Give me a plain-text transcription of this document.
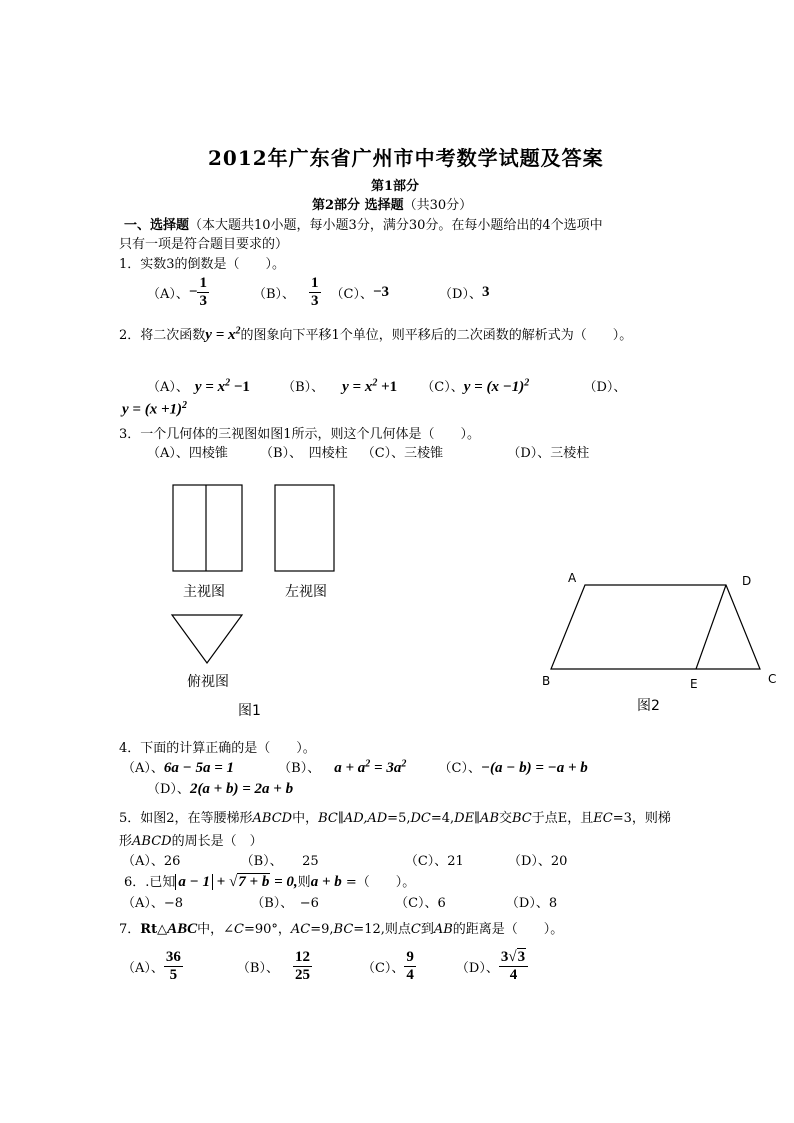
2012年广东省广州市中考数学试题及答案
第1部分
第2部分 选择题（共30分）
一、选择题（本大题共10小题，每小题3分，满分30分。在每小题给出的4个选项中
只有一项是符合题目要求的）
1．实数3的倒数是（　　）。
（A）、 − $\frac{1}{3}$	（B）、 $\frac{1}{3} (C)$、 −3	（D）、 3
2．将二次函数$y = x^2$的图象向下平移1个单位，则平移后的二次函数的解析式为（　　）。
（A）、 $y = x^2 -1$ （B）、 $y = x^2 +1$ （C）、$y = (x -1)^2$	（D）、
$y = (x +1)^2$
3．一个几何体的三视图如图1所示，则这个几何体是（　　）。
（A）、四棱锥 （B）、　四棱柱 （C）、三棱锥	（D）、三棱柱
主视图	左视图
俯视图
图1
A	D
B	E	C
图2
4．下面的计算正确的是（　　）。
（A）、6a − 5a = 1	（B）、 $a + a^2 = 3a^2$ （C）、−(a − b) = −a + b
（D）、2(a + b) = 2a + b
5．如图2，在等腰梯形ABCD中，BC∥AD,AD=5,DC=4,DE∥AB交BC于点E，且EC=3，则梯
形ABCD的周长是（　）
（A）、26	（B）、　　25	（C）、21	（D）、20
6．.已知 a − 1 + √7 + b = 0,则a + b =（　　）。
（A）、−8	（B）、　−6	（C）、6	（D）、8
7．Rt△ABC中，∠C=90°，AC=9,BC=12,则点C到AB的距离是（　　）。
（A）、 $\frac{36}{5}$	（B）、 $\frac{12}{25}$	（C）、 $\frac{9}{4}$	（D）、 $\frac{3√3}{4}$
